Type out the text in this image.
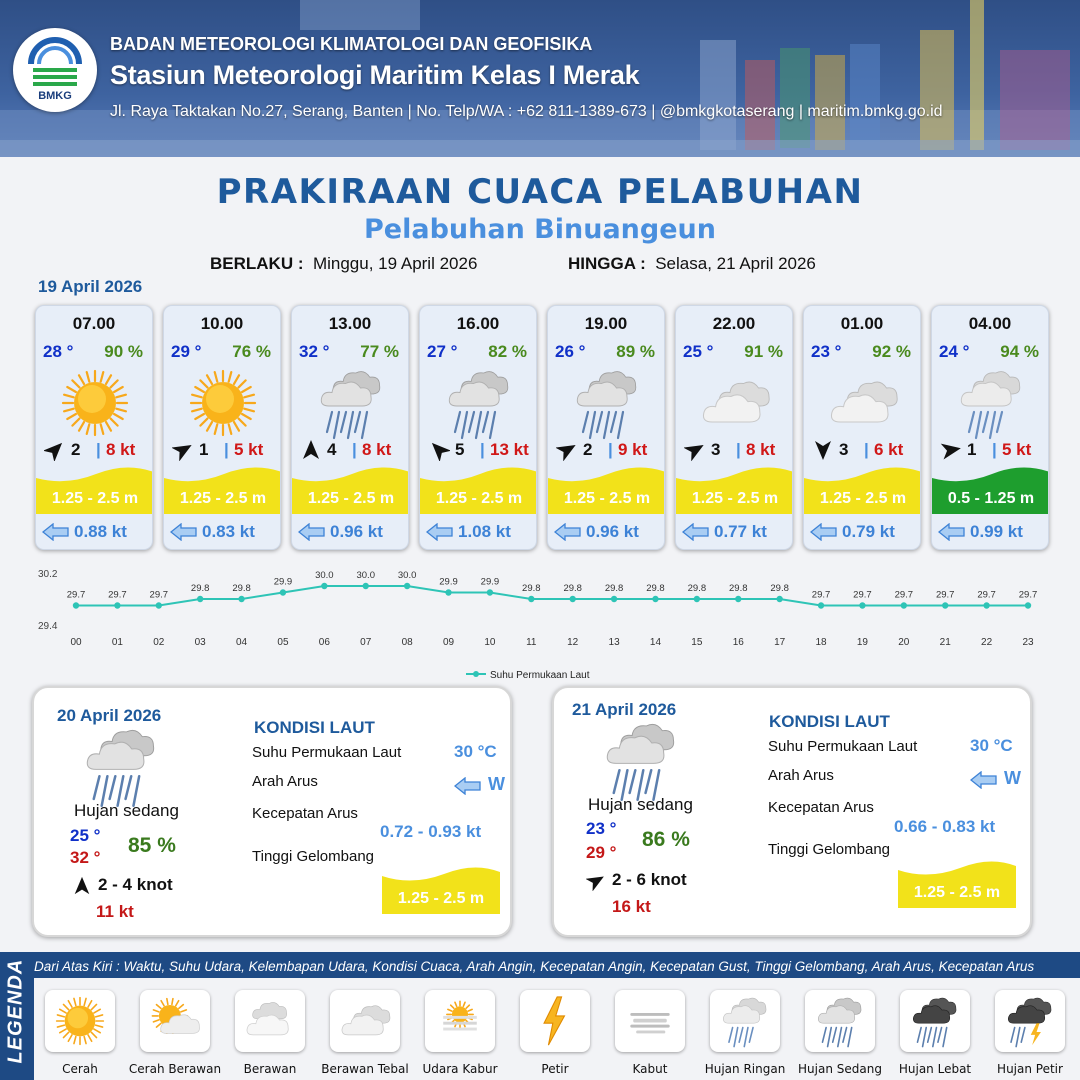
BMKG
BADAN METEOROLOGI KLIMATOLOGI DAN GEOFISIKA
Stasiun Meteorologi Maritim Kelas I Merak
Jl. Raya Taktakan No.27, Serang, Banten | No. Telp/WA : +62 811-1389-673 | @bmkgkotaserang | maritim.bmkg.go.id
PRAKIRAAN CUACA PELABUHAN
Pelabuhan Binuangeun
BERLAKU : Minggu, 19 April 2026	HINGGA : Selasa, 21 April 2026
19 April 2026
07.00
28 ° 90 %
2 | 8 kt
1.25 - 2.5 m
0.88 kt
10.00
29 ° 76 %
1 | 5 kt
1.25 - 2.5 m
0.83 kt
13.00
32 ° 77 %
4 | 8 kt
1.25 - 2.5 m
0.96 kt
16.00
27 ° 82 %
5 | 13 kt
1.25 - 2.5 m
1.08 kt
19.00
26 ° 89 %
2 | 9 kt
1.25 - 2.5 m
0.96 kt
22.00
25 ° 91 %
3 | 8 kt
1.25 - 2.5 m
0.77 kt
01.00
23 ° 92 %
3 | 6 kt
1.25 - 2.5 m
0.79 kt
04.00
24 ° 94 %
1 | 5 kt
0.5 - 1.25 m
0.99 kt
30.2
29.4
29.7
00
29.7
01
29.7
02
29.8
03
29.8
04
29.9
05
30.0
06
30.0
07
30.0
08
29.9
09
29.9
10
29.8
11
29.8
12
29.8
13
29.8
14
29.8
15
29.8
16
29.8
17
29.7
18
29.7
19
29.7
20
29.7
21
29.7
22
29.7
23
Suhu Permukaan Laut
20 April 2026
Hujan sedang
25 °
32 °
85 %
2 - 4 knot
11 kt
KONDISI LAUT
Suhu Permukaan Laut	30 °C
Arah Arus	W
Kecepatan Arus
0.72 - 0.93 kt
Tinggi Gelombang
1.25 - 2.5 m
21 April 2026
Hujan sedang
23 °
29 °
86 %
2 - 6 knot
16 kt
KONDISI LAUT
Suhu Permukaan Laut	30 °C
Arah Arus	W
Kecepatan Arus
0.66 - 0.83 kt
Tinggi Gelombang
1.25 - 2.5 m
LEGENDA Dari Atas Kiri : Waktu, Suhu Udara, Kelembapan Udara, Kondisi Cuaca, Arah Angin, Kecepatan Angin, Kecepatan Gust, Tinggi Gelombang, Arah Arus, Kecepatan Arus
Cerah	Cerah Berawan	Berawan	Berawan Tebal	Udara Kabur	Petir	Kabut	Hujan Ringan	Hujan Sedang	Hujan Lebat	Hujan Petir
